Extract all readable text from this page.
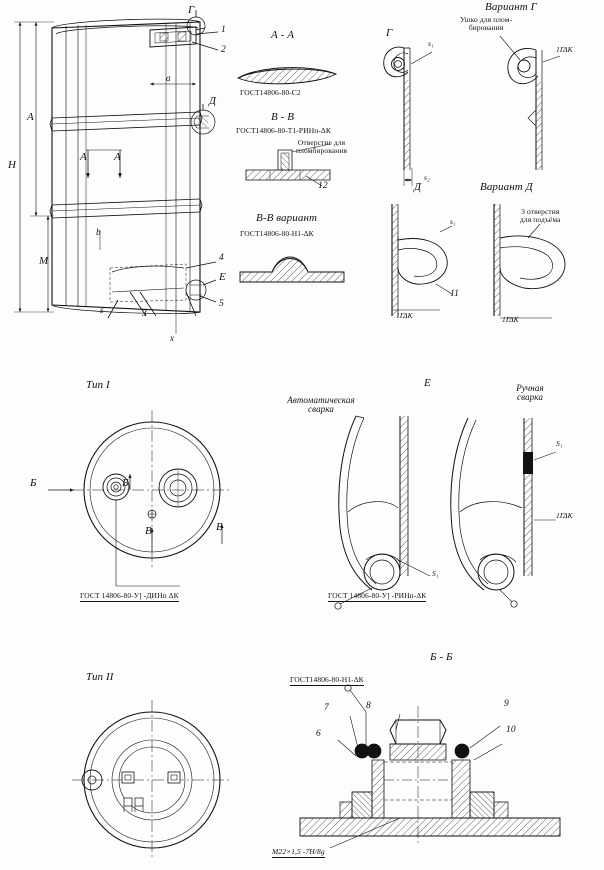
Г
1
2
a
Д
H
A
M
А А
b
4
Е
5
3
s
х
А - А
ГОСТ14806-80-С2
В - В
ГОСТ14806-80-Т1-РИНп-ΔК
Отверстие для
пломбирования
12
В-В вариант
ГОСТ14806-80-Н1-ΔК
Г
s₁
s₂
Вариант Г
Ушко для плом-
бирования
1ΓΔΚ
Д
s₁
11
1ΓΔΚ
Вариант Д
3 отверстия
для подъёма
1ΓΔΚ
Тип I
Б	Б
В	В
ГОСТ 14806-80-У] -ДИНп ΔК
Е
Автоматическая
сварка
S₁
ГОСТ 14806-80-У] -РИНп-ΔК
Ручная
сварка
S₁
1ΓΔΚ
Тип II
Б - Б
ГОСТ14806-80-Н1-ΔК
7	8
6
9
10
М22×1,5 -7Н/8g
